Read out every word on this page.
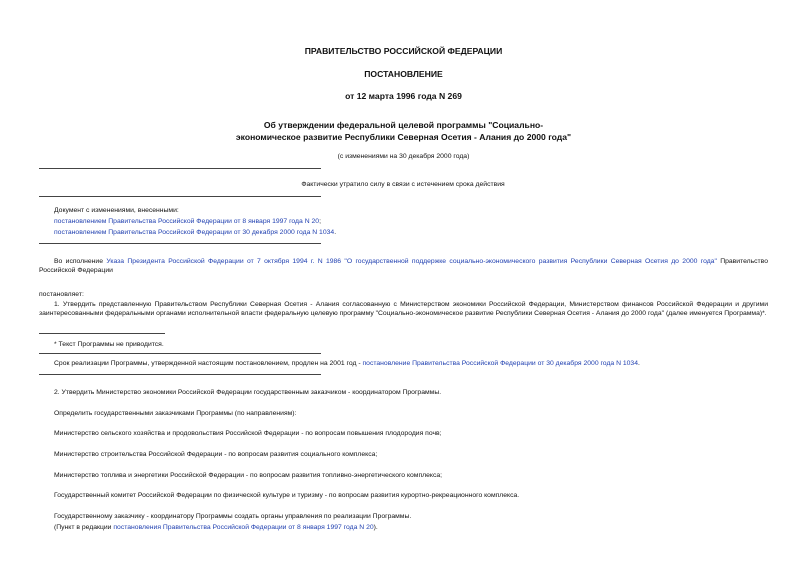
ПРАВИТЕЛЬСТВО РОССИЙСКОЙ ФЕДЕРАЦИИ
ПОСТАНОВЛЕНИЕ
от 12 марта 1996 года N 269
Об утверждении федеральной целевой программы "Социально-
экономическое развитие Республики Северная Осетия - Алания до 2000 года"
(с изменениями на 30 декабря 2000 года)
Фактически утратило силу в связи с истечением срока действия
Документ с изменениями, внесенными:
постановлением Правительства Российской Федерации от 8 января 1997 года N 20;
постановлением Правительства Российской Федерации от 30 декабря 2000 года N 1034.
Во исполнение Указа Президента Российской Федерации от 7 октября 1994 г. N 1986 "О государственной поддержке социально-экономического развития Республики Северная Осетия до 2000 года" Правительство Российской Федерации
постановляет:
1. Утвердить представленную Правительством Республики Северная Осетия - Алания согласованную с Министерством экономики Российской Федерации, Министерством финансов Российской Федерации и другими заинтересованными федеральными органами исполнительной власти федеральную целевую программу "Социально-экономическое развитие Республики Северная Осетия - Алания до 2000 года" (далее именуется Программа)*.
* Текст Программы не приводится.
Срок реализации Программы, утвержденной настоящим постановлением, продлен на 2001 год - постановление Правительства Российской Федерации от 30 декабря 2000 года N 1034.
2. Утвердить Министерство экономики Российской Федерации государственным заказчиком - координатором Программы.
Определить государственными заказчиками Программы (по направлениям):
Министерство сельского хозяйства и продовольствия Российской Федерации - по вопросам повышения плодородия почв;
Министерство строительства Российской Федерации - по вопросам развития социального комплекса;
Министерство топлива и энергетики Российской Федерации - по вопросам развития топливно-энергетического комплекса;
Государственный комитет Российской Федерации по физической культуре и туризму - по вопросам развития курортно-рекреационного комплекса.
Государственному заказчику - координатору Программы создать органы управления по реализации Программы.
(Пункт в редакции постановления Правительства Российской Федерации от 8 января 1997 года N 20).
